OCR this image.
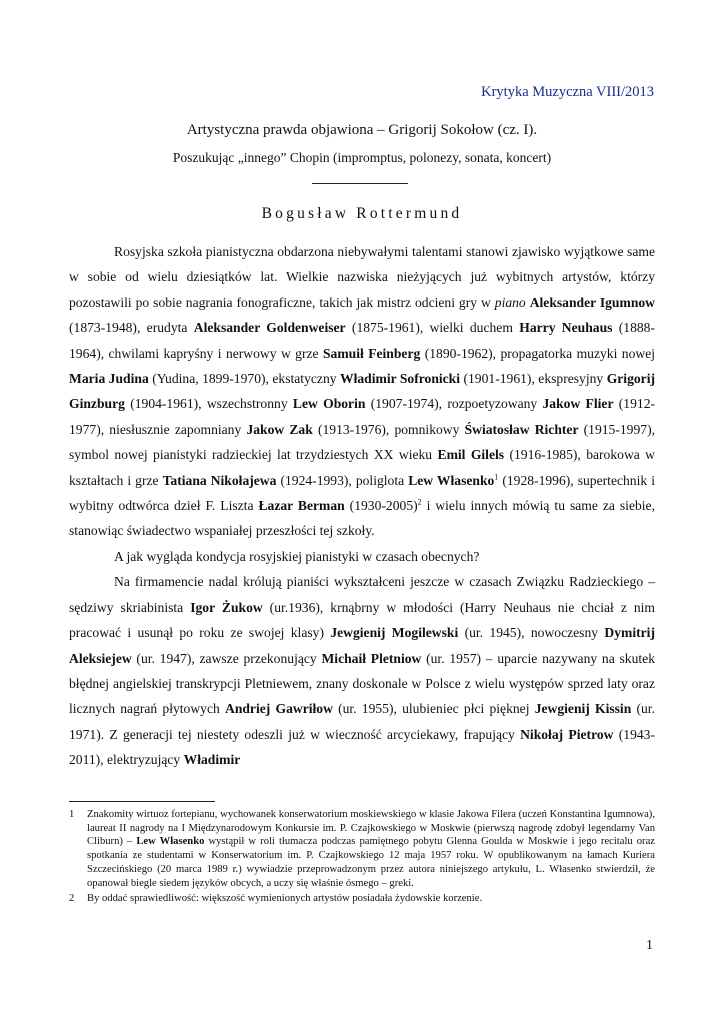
Krytyka Muzyczna VIII/2013
Artystyczna prawda objawiona – Grigorij Sokołow (cz. I).
Poszukując „innego” Chopin (impromptus, polonezy, sonata, koncert)
Bogusław Rottermund

Rosyjska szkoła pianistyczna obdarzona niebywałymi talentami stanowi zjawisko wyjątkowe same w sobie od wielu dziesiątków lat. Wielkie nazwiska nieżyjących już wybitnych artystów, którzy pozostawili po sobie nagrania fonograficzne, takich jak mistrz odcieni gry w piano Aleksander Igumnow (1873-1948), erudyta Aleksander Goldenweiser (1875-1961), wielki duchem Harry Neuhaus (1888-1964), chwilami kapryśny i nerwowy w grze Samuił Feinberg (1890-1962), propagatorka muzyki nowej Maria Judina (Yudina, 1899-1970), ekstatyczny Władimir Sofronicki (1901-1961), ekspresyjny Grigorij Ginzburg (1904-1961), wszechstronny Lew Oborin (1907-1974), rozpoetyzowany Jakow Flier (1912-1977), niesłusznie zapomniany Jakow Zak (1913-1976), pomnikowy Światosław Richter (1915-1997), symbol nowej pianistyki radzieckiej lat trzydziestych XX wieku Emil Gilels (1916-1985), barokowa w kształtach i grze Tatiana Nikołajewa (1924-1993), poliglota Lew Własenko$^1$ (1928-1996), supertechnik i wybitny odtwórca dzieł F. Liszta Łazar Berman (1930-2005)$^2$ i wielu innych mówią tu same za siebie, stanowiąc świadectwo wspaniałej przeszłości tej szkoły.

A jak wygląda kondycja rosyjskiej pianistyki w czasach obecnych?

Na firmamencie nadal królują pianiści wykształceni jeszcze w czasach Związku Radzieckiego – sędziwy skriabinista Igor Żukow (ur.1936), krnąbrny w młodości (Harry Neuhaus nie chciał z nim pracować i usunął po roku ze swojej klasy) Jewgienij Mogilewski (ur. 1945), nowoczesny Dymitrij Aleksiejew (ur. 1947), zawsze przekonujący Michaił Pletniow (ur. 1957) – uparcie nazywany na skutek błędnej angielskiej transkrypcji Pletniewem, znany doskonale w Polsce z wielu występów sprzed laty oraz licznych nagrań płytowych Andriej Gawriłow (ur. 1955), ulubieniec płci pięknej Jewgienij Kissin (ur. 1971). Z generacji tej niestety odeszli już w wieczność arcyciekawy, frapujący Nikołaj Pietrow (1943-2011), elektryzujący Władimir

1 Znakomity wirtuoz fortepianu, wychowanek konserwatorium moskiewskiego w klasie Jakowa Filera (uczeń Konstantina Igumnowa), laureat II nagrody na I Międzynarodowym Konkursie im. P. Czajkowskiego w Moskwie (pierwszą nagrodę zdobył legendarny Van Cliburn) – Lew Własenko wystąpił w roli tłumacza podczas pamiętnego pobytu Glenna Goulda w Moskwie i jego recitalu oraz spotkania ze studentami w Konserwatorium im. P. Czajkowskiego 12 maja 1957 roku. W opublikowanym na łamach Kuriera Szczecińskiego (20 marca 1989 r.) wywiadzie przeprowadzonym przez autora niniejszego artykułu, L. Własenko stwierdził, że opanował biegle siedem języków obcych, a uczy się właśnie ósmego – greki.
2 By oddać sprawiedliwość: większość wymienionych artystów posiadała żydowskie korzenie.
1
